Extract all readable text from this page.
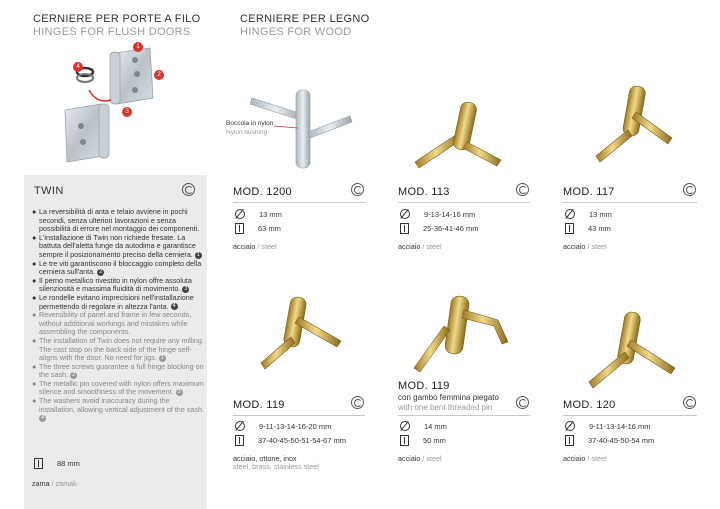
CERNIERE PER PORTE A FILO
HINGES FOR FLUSH DOORS
CERNIERE PER LEGNO
HINGES FOR WOOD
1
2
3
4
TWIN
● La reversibilità di anta e telaio avviene in pochi secondi, senza ulteriori lavorazioni e senza possibilità di errore nel montaggio dei componenti.
● L'installazione di Twin non richiede fresate. La battuta dell'aletta funge da autodima e garantisce sempre il posizionamento preciso della cerniera. 1
● Le tre viti garantiscono il bloccaggio completo della cerniera sull'anta. 2
● Il perno metallico rivestito in nylon offre assoluta silenziosità e massima fluidità di movimento. 3
● Le rondelle evitano imprecisioni nell'installazione permettendo di regolare in altezza l'anta. 4
● Reversibility of panel and frame in few seconds, without additional workings and mistakes while assembling the components.
● The installation of Twin does not require any milling. The cast stop on the back side of the hinge self-aligns with the door. No need for jigs. 1
● The three screws guarantee a full hinge blocking on the sash. 2
● The metallic pin covered with nylon offers maximum silence and smoothness of the movement. 3
● The washers avoid inaccuracy during the installation, allowing vertical adjustment of the sash. 4
88 mm
zama / zamak
Boccola in nylon
Nylon bushing
MOD. 1200
13 mm
63 mm
acciaio / steel
MOD. 113
9-13-14-16 mm
25-36-41-46 mm
acciaio / steel
MOD. 117
13 mm
43 mm
acciaio / steel
MOD. 119
9-11-13-14-16-20 mm
37-40-45-50-51-54-67 mm
acciaio, ottone, inox
steel, brass, stainless steel
MOD. 119
con gambo femmina piegato
with one bent threaded pin
14 mm
50 mm
acciaio / steel
MOD. 120
9-11-13-14-16 mm
37-40-45-50-54 mm
acciaio / steel
